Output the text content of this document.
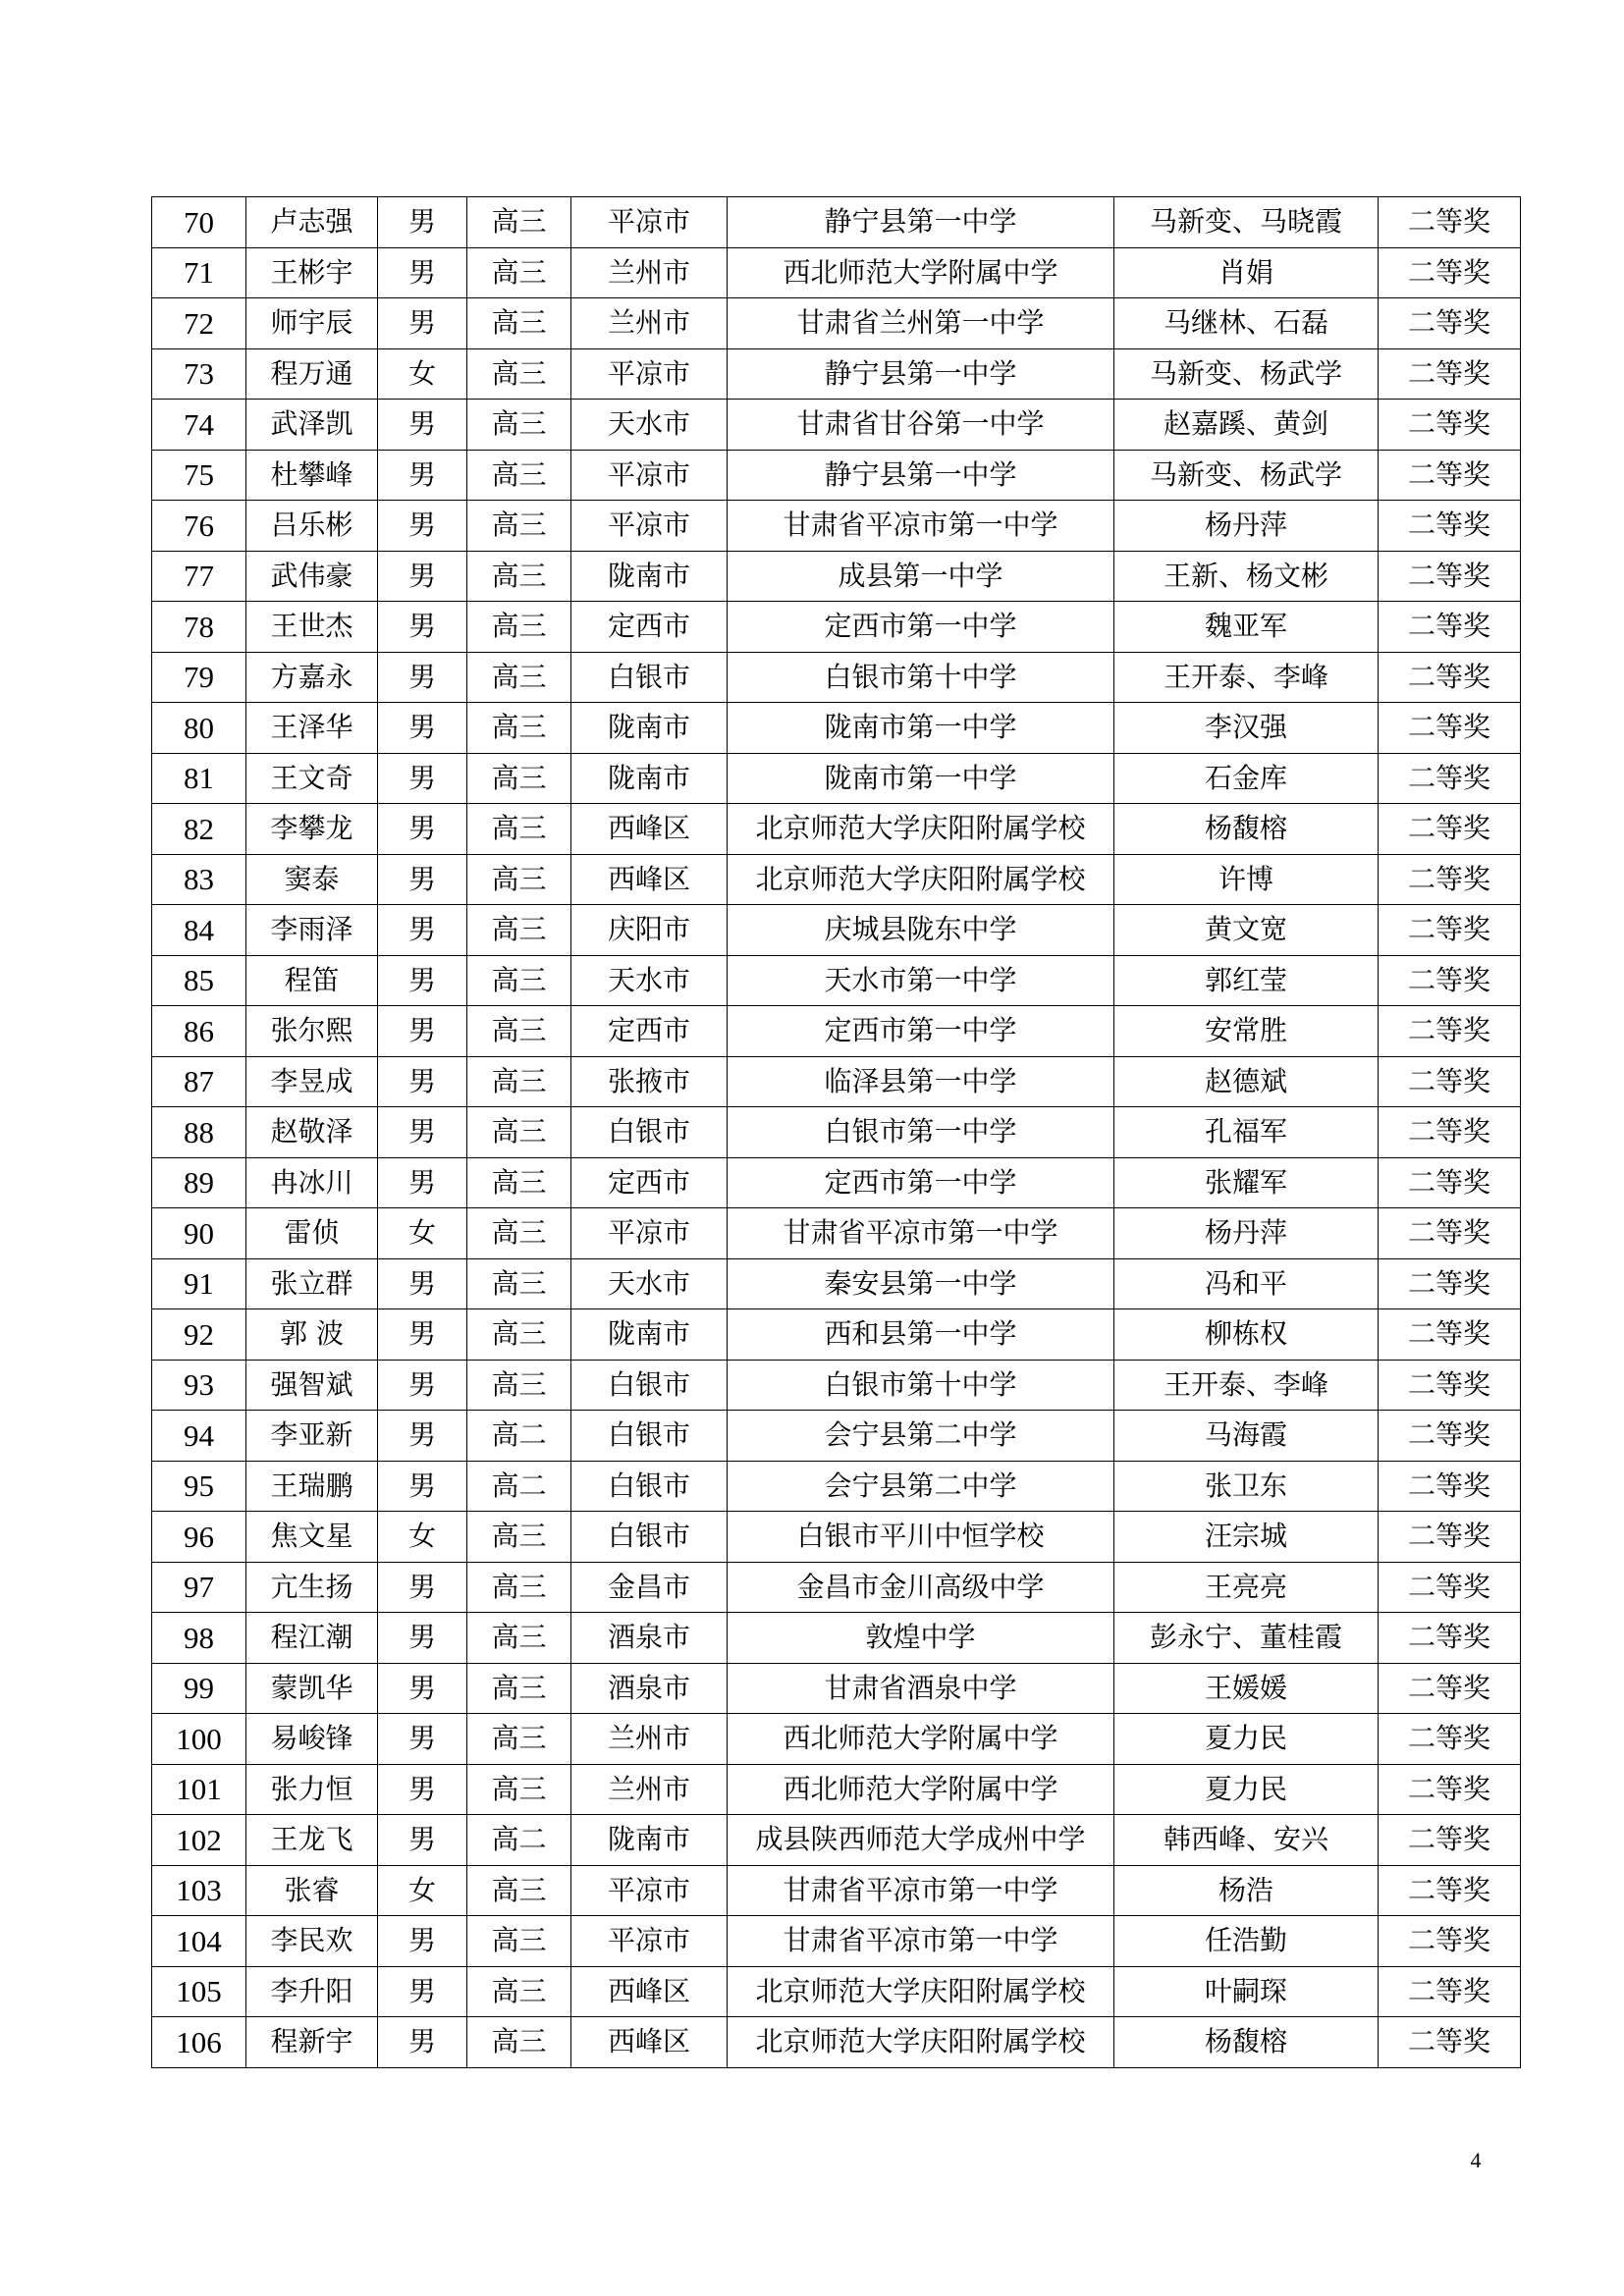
70	卢志强	男	高三	平凉市	静宁县第一中学	马新变、马晓霞	二等奖
71	王彬宇	男	高三	兰州市	西北师范大学附属中学	肖娟	二等奖
72	师宇辰	男	高三	兰州市	甘肃省兰州第一中学	马继林、石磊	二等奖
73	程万通	女	高三	平凉市	静宁县第一中学	马新变、杨武学	二等奖
74	武泽凯	男	高三	天水市	甘肃省甘谷第一中学	赵嘉蹊、黄剑	二等奖
75	杜攀峰	男	高三	平凉市	静宁县第一中学	马新变、杨武学	二等奖
76	吕乐彬	男	高三	平凉市	甘肃省平凉市第一中学	杨丹萍	二等奖
77	武伟豪	男	高三	陇南市	成县第一中学	王新、杨文彬	二等奖
78	王世杰	男	高三	定西市	定西市第一中学	魏亚军	二等奖
79	方嘉永	男	高三	白银市	白银市第十中学	王开泰、李峰	二等奖
80	王泽华	男	高三	陇南市	陇南市第一中学	李汉强	二等奖
81	王文奇	男	高三	陇南市	陇南市第一中学	石金库	二等奖
82	李攀龙	男	高三	西峰区	北京师范大学庆阳附属学校	杨馥榕	二等奖
83	窦泰	男	高三	西峰区	北京师范大学庆阳附属学校	许博	二等奖
84	李雨泽	男	高三	庆阳市	庆城县陇东中学	黄文宽	二等奖
85	程笛	男	高三	天水市	天水市第一中学	郭红莹	二等奖
86	张尔熙	男	高三	定西市	定西市第一中学	安常胜	二等奖
87	李昱成	男	高三	张掖市	临泽县第一中学	赵德斌	二等奖
88	赵敬泽	男	高三	白银市	白银市第一中学	孔福军	二等奖
89	冉冰川	男	高三	定西市	定西市第一中学	张耀军	二等奖
90	雷侦	女	高三	平凉市	甘肃省平凉市第一中学	杨丹萍	二等奖
91	张立群	男	高三	天水市	秦安县第一中学	冯和平	二等奖
92	郭 波	男	高三	陇南市	西和县第一中学	柳栋权	二等奖
93	强智斌	男	高三	白银市	白银市第十中学	王开泰、李峰	二等奖
94	李亚新	男	高二	白银市	会宁县第二中学	马海霞	二等奖
95	王瑞鹏	男	高二	白银市	会宁县第二中学	张卫东	二等奖
96	焦文星	女	高三	白银市	白银市平川中恒学校	汪宗城	二等奖
97	亢生扬	男	高三	金昌市	金昌市金川高级中学	王亮亮	二等奖
98	程江潮	男	高三	酒泉市	敦煌中学	彭永宁、董桂霞	二等奖
99	蒙凯华	男	高三	酒泉市	甘肃省酒泉中学	王媛媛	二等奖
100	易峻锋	男	高三	兰州市	西北师范大学附属中学	夏力民	二等奖
101	张力恒	男	高三	兰州市	西北师范大学附属中学	夏力民	二等奖
102	王龙飞	男	高二	陇南市	成县陕西师范大学成州中学	韩西峰、安兴	二等奖
103	张睿	女	高三	平凉市	甘肃省平凉市第一中学	杨浩	二等奖
104	李民欢	男	高三	平凉市	甘肃省平凉市第一中学	任浩勤	二等奖
105	李升阳	男	高三	西峰区	北京师范大学庆阳附属学校	叶嗣琛	二等奖
106	程新宇	男	高三	西峰区	北京师范大学庆阳附属学校	杨馥榕	二等奖
4
